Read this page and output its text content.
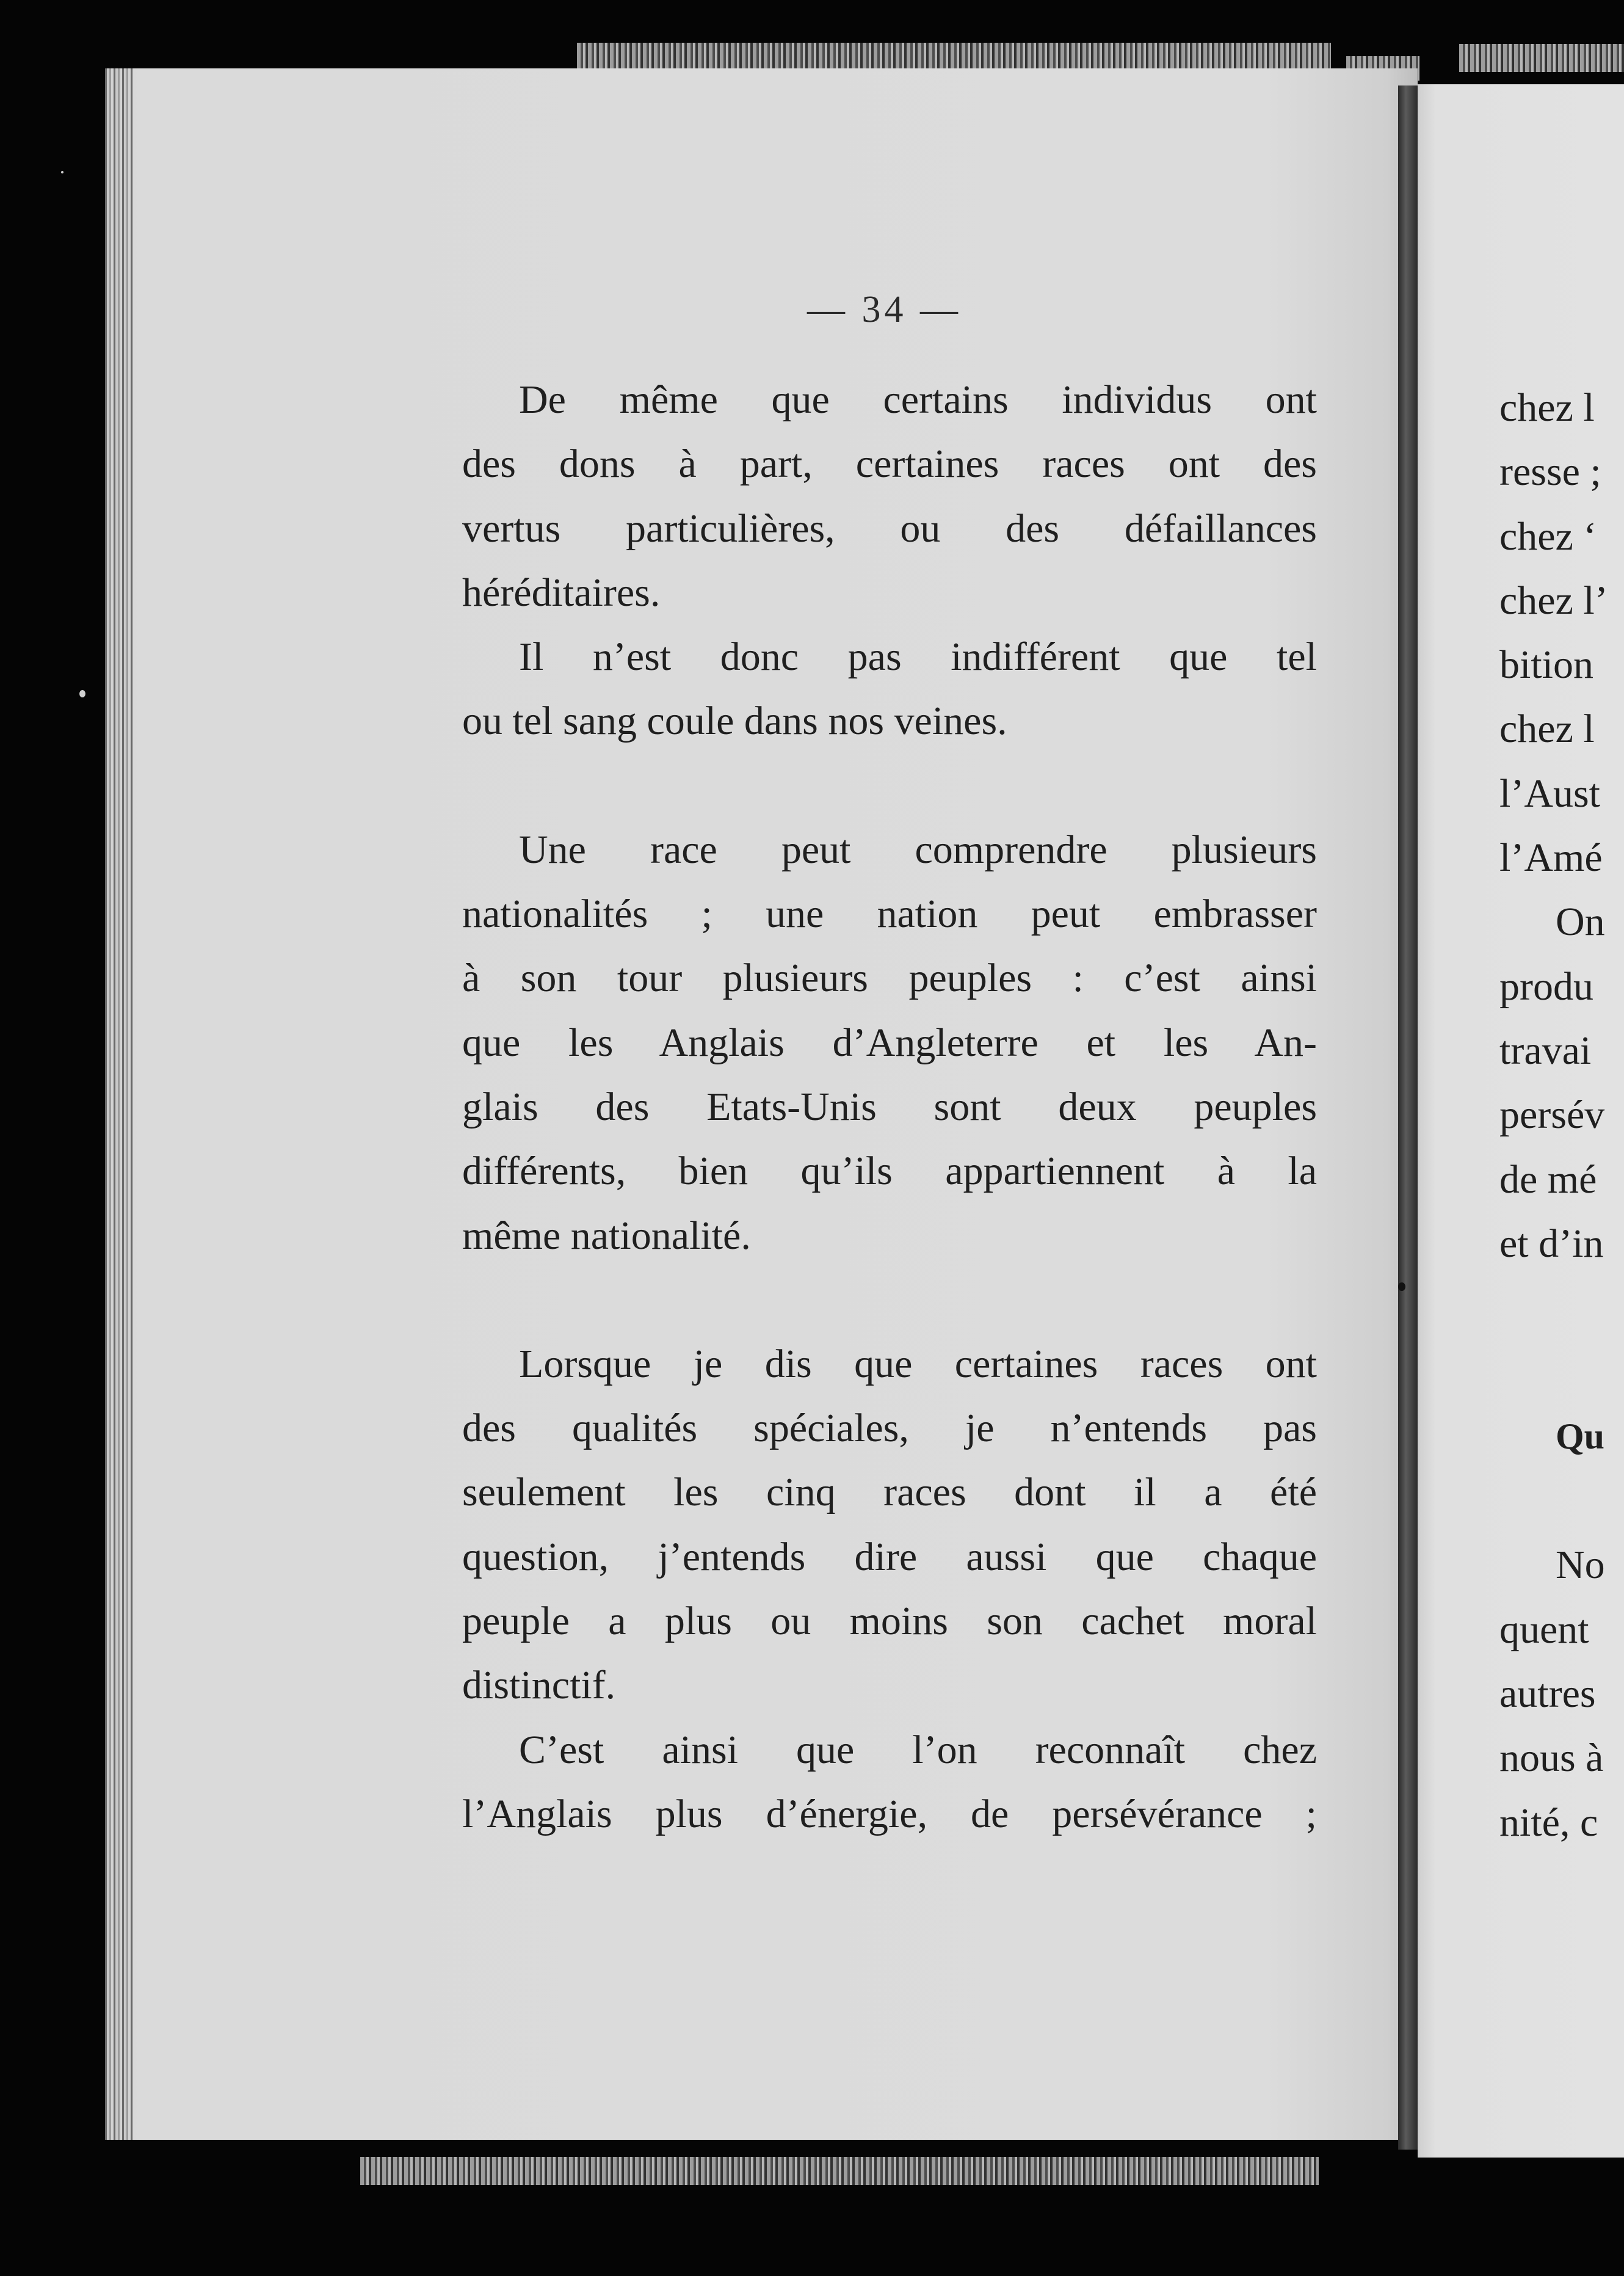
— 34 —
De même que certains individus ont
des dons à part, certaines races ont des
vertus particulières, ou des défaillances
héréditaires.
Il n’est donc pas indifférent que tel
ou tel sang coule dans nos veines.
Une race peut comprendre plusieurs
nationalités ; une nation peut embrasser
à son tour plusieurs peuples : c’est ainsi
que les Anglais d’Angleterre et les An-
glais des Etats-Unis sont deux peuples
différents, bien qu’ils appartiennent à la
même nationalité.
Lorsque je dis que certaines races ont
des qualités spéciales, je n’entends pas
seulement les cinq races dont il a été
question, j’entends dire aussi que chaque
peuple a plus ou moins son cachet moral
distinctif.
C’est ainsi que l’on reconnaît chez
l’Anglais plus d’énergie, de persévérance ;
chez l
resse ;
chez ‘
chez l’
bition
chez l
l’Aust
l’Amé
On
produ
travai
persév
de mé
et d’in
Qu
No
quent
autres
nous à
nité, c
